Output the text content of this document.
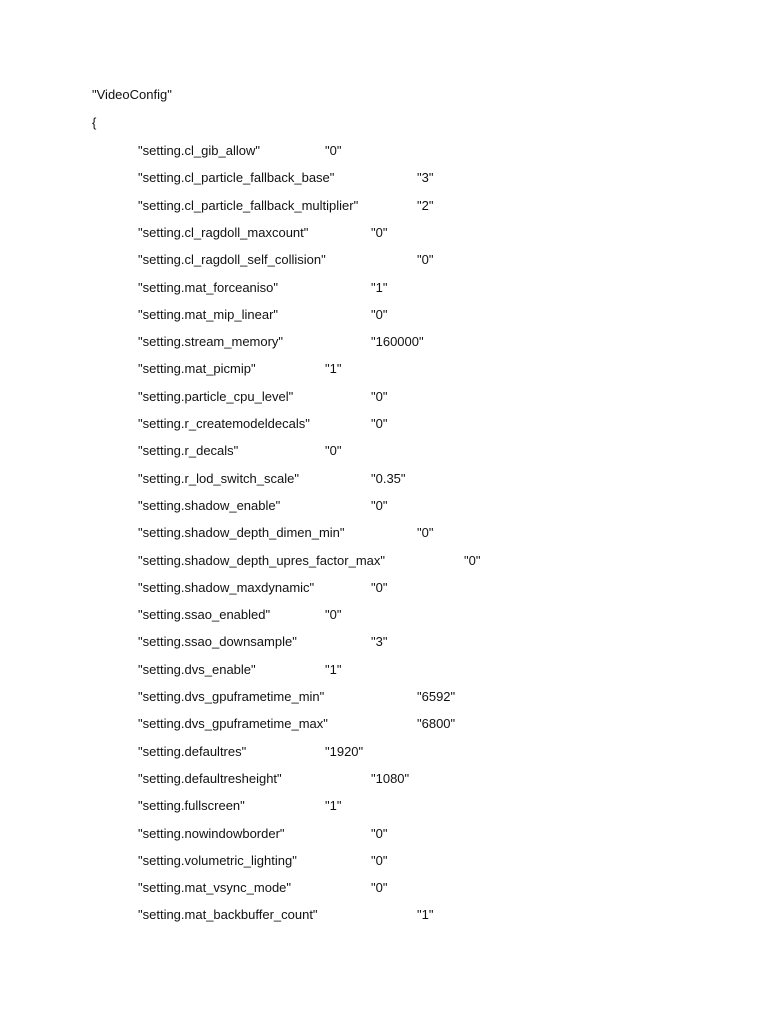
"VideoConfig"
{
"setting.cl_gib_allow"	"0"
"setting.cl_particle_fallback_base"	"3"
"setting.cl_particle_fallback_multiplier"	"2"
"setting.cl_ragdoll_maxcount"	"0"
"setting.cl_ragdoll_self_collision"	"0"
"setting.mat_forceaniso"	"1"
"setting.mat_mip_linear"	"0"
"setting.stream_memory"	"160000"
"setting.mat_picmip"	"1"
"setting.particle_cpu_level"	"0"
"setting.r_createmodeldecals"	"0"
"setting.r_decals"	"0"
"setting.r_lod_switch_scale"	"0.35"
"setting.shadow_enable"	"0"
"setting.shadow_depth_dimen_min"	"0"
"setting.shadow_depth_upres_factor_max"	"0"
"setting.shadow_maxdynamic"	"0"
"setting.ssao_enabled"	"0"
"setting.ssao_downsample"	"3"
"setting.dvs_enable"	"1"
"setting.dvs_gpuframetime_min"	"6592"
"setting.dvs_gpuframetime_max"	"6800"
"setting.defaultres"	"1920"
"setting.defaultresheight"	"1080"
"setting.fullscreen"	"1"
"setting.nowindowborder"	"0"
"setting.volumetric_lighting"	"0"
"setting.mat_vsync_mode"	"0"
"setting.mat_backbuffer_count"	"1"
